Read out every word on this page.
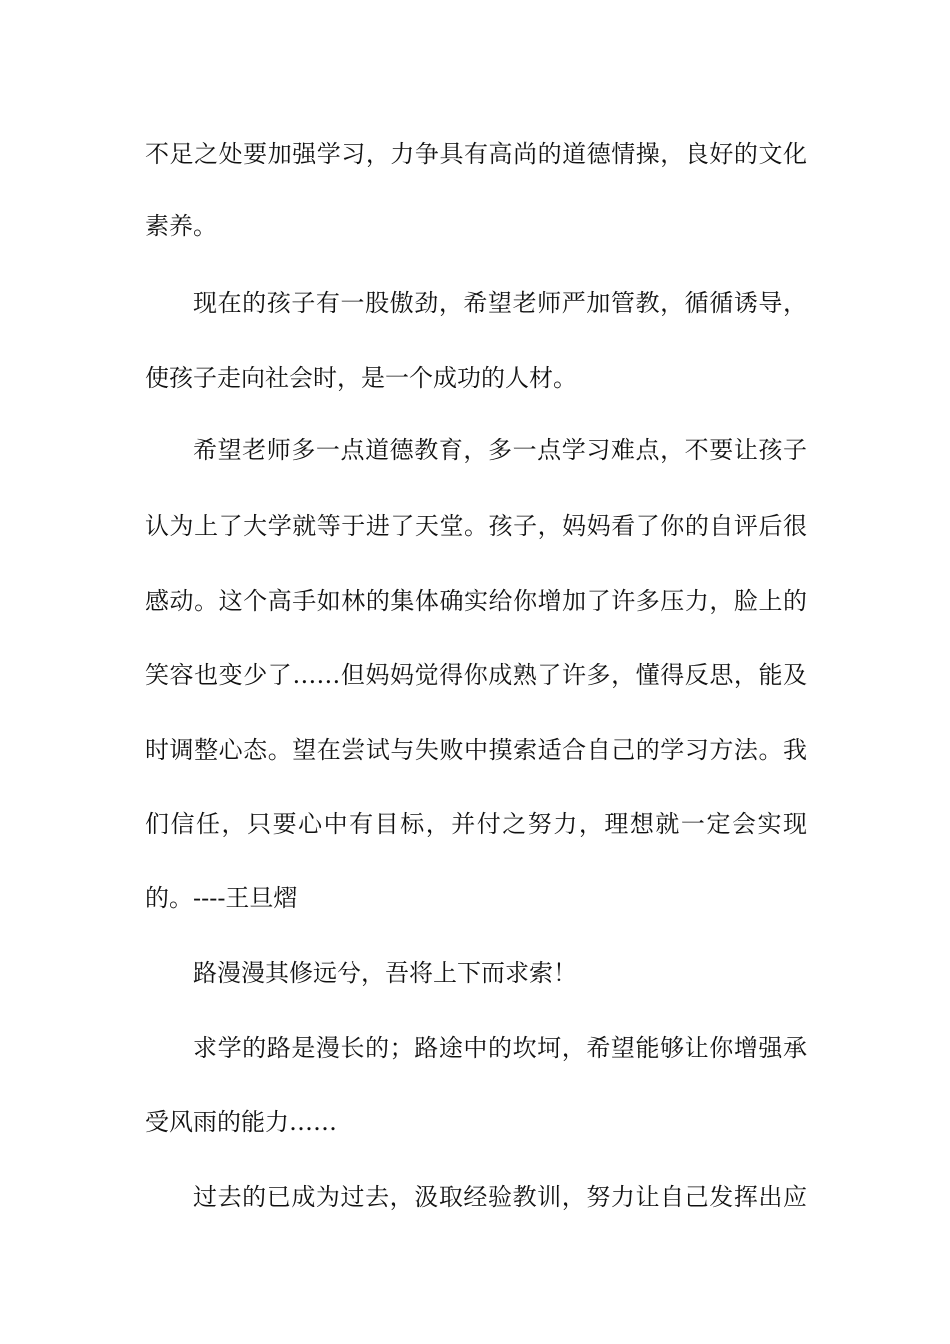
不足之处要加强学习，力争具有高尚的道德情操，良好的文化

素养。

现在的孩子有一股傲劲，希望老师严加管教，循循诱导，

使孩子走向社会时，是一个成功的人材。

希望老师多一点道德教育，多一点学习难点，不要让孩子

认为上了大学就等于进了天堂。孩子，妈妈看了你的自评后很

感动。这个高手如林的集体确实给你增加了许多压力，脸上的

笑容也变少了……但妈妈觉得你成熟了许多，懂得反思，能及

时调整心态。望在尝试与失败中摸索适合自己的学习方法。我

们信任，只要心中有目标，并付之努力，理想就一定会实现

的。----王旦熠

路漫漫其修远兮，吾将上下而求索！

求学的路是漫长的；路途中的坎坷，希望能够让你增强承

受风雨的能力……

过去的已成为过去，汲取经验教训，努力让自己发挥出应
